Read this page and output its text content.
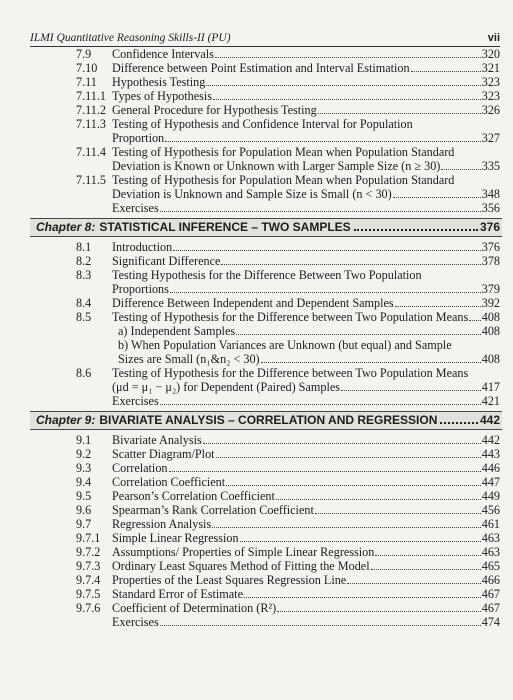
ILMI Quantitative Reasoning Skills-II (PU)	vii
7.9	Confidence Intervals	320
7.10	Difference between Point Estimation and Interval Estimation	321
7.11	Hypothesis Testing	323
7.11.1 Types of Hypothesis	323
7.11.2 General Procedure for Hypothesis Testing	326
7.11.3 Testing of Hypothesis and Confidence Interval for Population
Proportion	327
7.11.4 Testing of Hypothesis for Population Mean when Population Standard
Deviation is Known or Unknown with Larger Sample Size (n ≥ 30)	335
7.11.5 Testing of Hypothesis for Population Mean when Population Standard
Deviation is Unknown and Sample Size is Small (n < 30)	348
Exercises	356
Chapter 8: STATISTICAL INFERENCE – TWO SAMPLES	376
8.1	Introduction	376
8.2	Significant Difference	378
8.3	Testing Hypothesis for the Difference Between Two Population
Proportions	379
8.4	Difference Between Independent and Dependent Samples	392
8.5	Testing of Hypothesis for the Difference between Two Population Means 408
a) Independent Samples	408
b) When Population Variances are Unknown (but equal) and Sample
Sizes are Small (n₁&n₂ < 30)	408
8.6	Testing of Hypothesis for the Difference between Two Population Means
(μd = μ₁ − μ₂) for Dependent (Paired) Samples	417
Exercises	421
Chapter 9: BIVARIATE ANALYSIS – CORRELATION AND REGRESSION	442
9.1	Bivariate Analysis	442
9.2	Scatter Diagram/Plot	443
9.3	Correlation	446
9.4	Correlation Coefficient	447
9.5	Pearson’s Correlation Coefficient	449
9.6	Spearman’s Rank Correlation Coefficient	456
9.7	Regression Analysis	461
9.7.1 Simple Linear Regression	463
9.7.2 Assumptions/ Properties of Simple Linear Regression	463
9.7.3 Ordinary Least Squares Method of Fitting the Model	465
9.7.4 Properties of the Least Squares Regression Line	466
9.7.5 Standard Error of Estimate	467
9.7.6 Coefficient of Determination (R²)	467
Exercises	474
